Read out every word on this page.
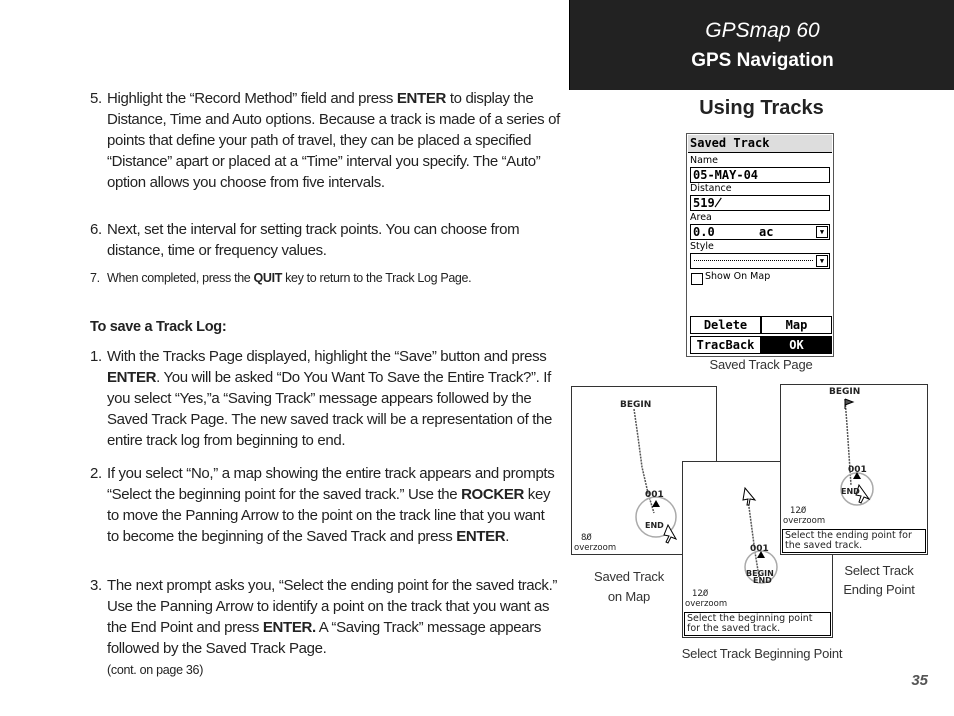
GPSmap 60
GPS Navigation
Using Tracks
5. Highlight the “Record Method” field and press ENTER to display the Distance, Time and Auto options. Because a track is made of a series of points that define your path of travel, they can be placed a specified “Distance” apart or placed at a “Time” interval you specify. The “Auto” option allows you choose from five intervals.
6. Next, set the interval for setting track points. You can choose from distance, time or frequency values.
7. When completed, press the QUIT key to return to the Track Log Page.
To save a Track Log:
1. With the Tracks Page displayed, highlight the “Save” button and press ENTER. You will be asked “Do You Want To Save the Entire Track?”. If you select “Yes,”a “Saving Track” message appears followed by the Saved Track Page. The new saved track will be a representation of the entire track log from beginning to end.
2. If you select “No,” a map showing the entire track appears and prompts “Select the beginning point for the saved track.” Use the ROCKER key to move the Panning Arrow to the point on the track line that you want to become the beginning of the Saved Track and press ENTER.
3. The next prompt asks you, “Select the ending point for the saved track.” Use the Panning Arrow to identify a point on the track that you want as the End Point and press ENTER. A “Saving Track” message appears followed by the Saved Track Page.
(cont. on page 36)
Saved Track
Name
05-MAY-04
Distance
519̸
Area
0.0	ac	▼
Style
▼
Show On Map
Delete	Map
TracBack	OK
Saved Track Page
BEGIN
001
END
80̸
overzoom	001
BEGIN
END
120̸
overzoom
Select the beginning point for the saved track.
Saved Track
on Map
BEGIN
001
END
120̸
overzoom
Select the ending point for the saved track.
Select Track
Ending Point
Select Track Beginning Point
35
